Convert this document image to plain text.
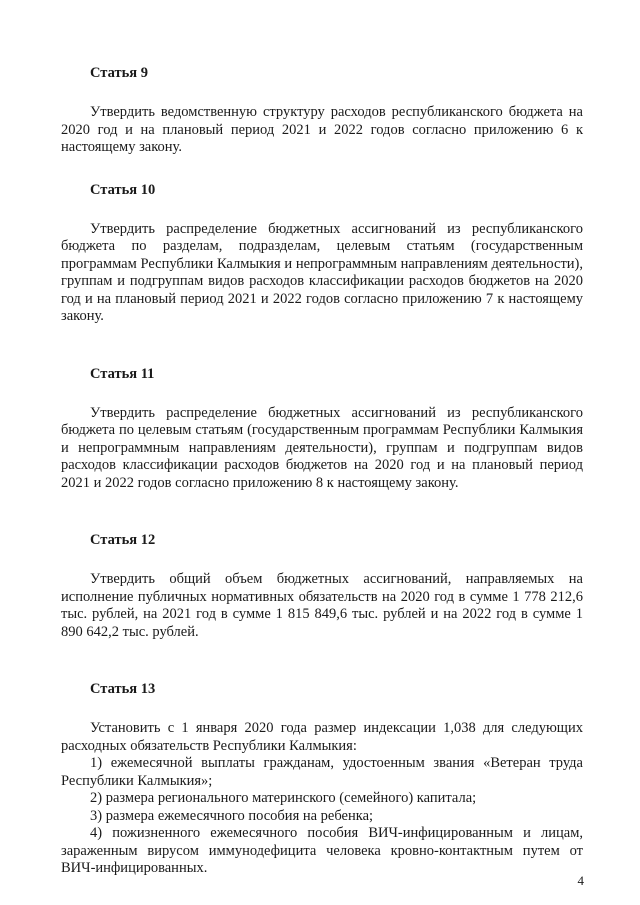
Статья 9

Утвердить ведомственную структуру расходов республиканского бюджета на 2020 год и на плановый период 2021 и 2022 годов согласно приложению 6 к настоящему закону.

Статья 10

Утвердить распределение бюджетных ассигнований из республиканского бюджета по разделам, подразделам, целевым статьям (государственным программам Республики Калмыкия и непрограммным направлениям деятельности), группам и подгруппам видов расходов классификации расходов бюджетов на 2020 год и на плановый период 2021 и 2022 годов согласно приложению 7 к настоящему закону.

Статья 11

Утвердить распределение бюджетных ассигнований из республиканского бюджета по целевым статьям (государственным программам Республики Калмыкия и непрограммным направлениям деятельности), группам и подгруппам видов расходов классификации расходов бюджетов на 2020 год и на плановый период 2021 и 2022 годов согласно приложению 8 к настоящему закону.

Статья 12

Утвердить общий объем бюджетных ассигнований, направляемых на исполнение публичных нормативных обязательств на 2020 год в сумме 1 778 212,6 тыс. рублей, на 2021 год в сумме 1 815 849,6 тыс. рублей и на 2022 год в сумме 1 890 642,2 тыс. рублей.

Статья 13

Установить с 1 января 2020 года размер индексации 1,038 для следующих расходных обязательств Республики Калмыкия:

1) ежемесячной выплаты гражданам, удостоенным звания «Ветеран труда Республики Калмыкия»;

2) размера регионального материнского (семейного) капитала;

3) размера ежемесячного пособия на ребенка;

4) пожизненного ежемесячного пособия ВИЧ-инфицированным и лицам, зараженным вирусом иммунодефицита человека кровно-контактным путем от ВИЧ-инфицированных.

4
